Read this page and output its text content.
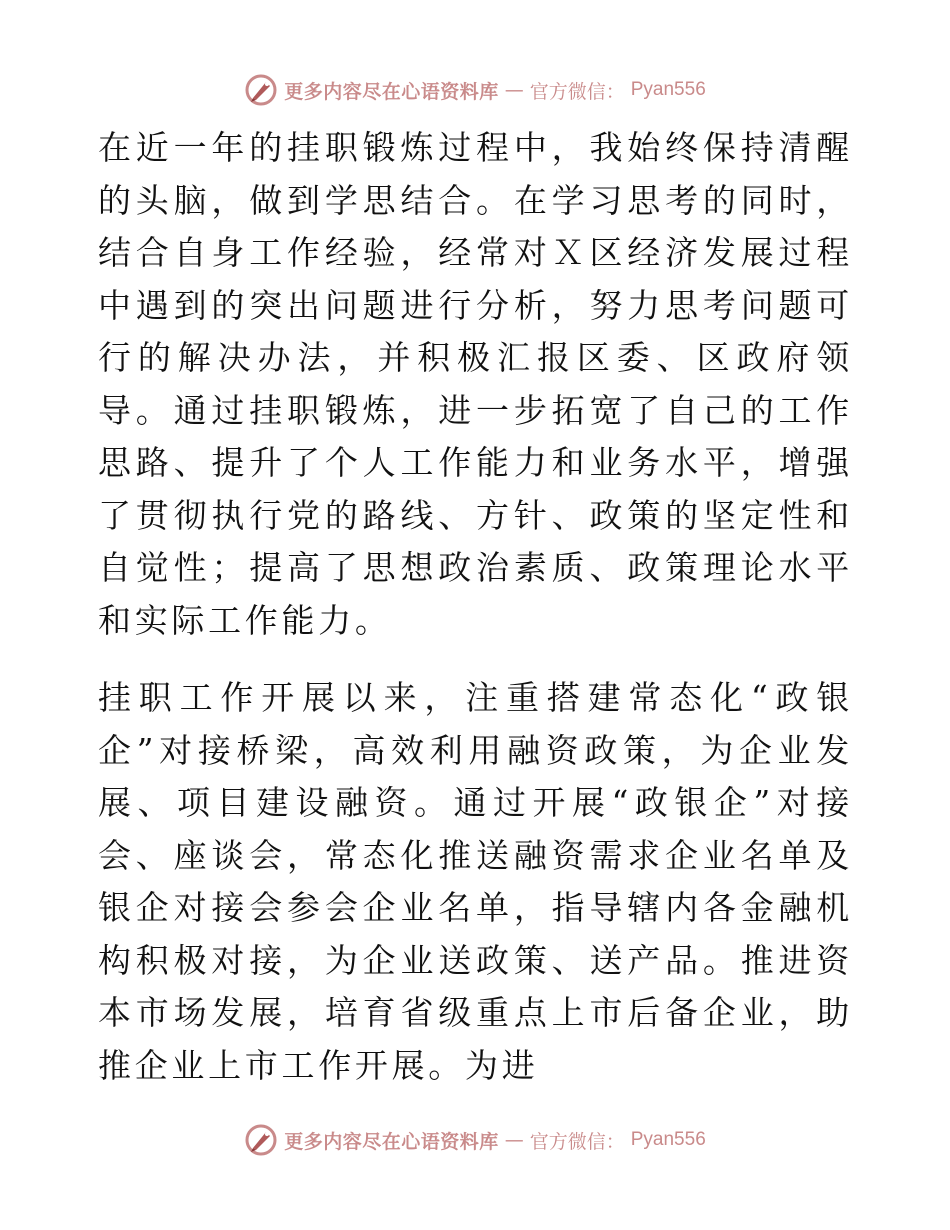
更多内容尽在心语资料库 — 官方微信： Pyan556

在近一年的挂职锻炼过程中，我始终保持清醒的头脑，做到学思结合。在学习思考的同时，结合自身工作经验，经常对Ｘ区经济发展过程中遇到的突出问题进行分析，努力思考问题可行的解决办法，并积极汇报区委、区政府领导。通过挂职锻炼，进一步拓宽了自己的工作思路、提升了个人工作能力和业务水平，增强了贯彻执行党的路线、方针、政策的坚定性和自觉性；提高了思想政治素质、政策理论水平和实际工作能力。

挂职工作开展以来，注重搭建常态化“政银企”对接桥梁，高效利用融资政策，为企业发展、项目建设融资。通过开展“政银企”对接会、座谈会，常态化推送融资需求企业名单及银企对接会参会企业名单，指导辖内各金融机构积极对接，为企业送政策、送产品。推进资本市场发展，培育省级重点上市后备企业，助推企业上市工作开展。为进

更多内容尽在心语资料库 — 官方微信： Pyan556
